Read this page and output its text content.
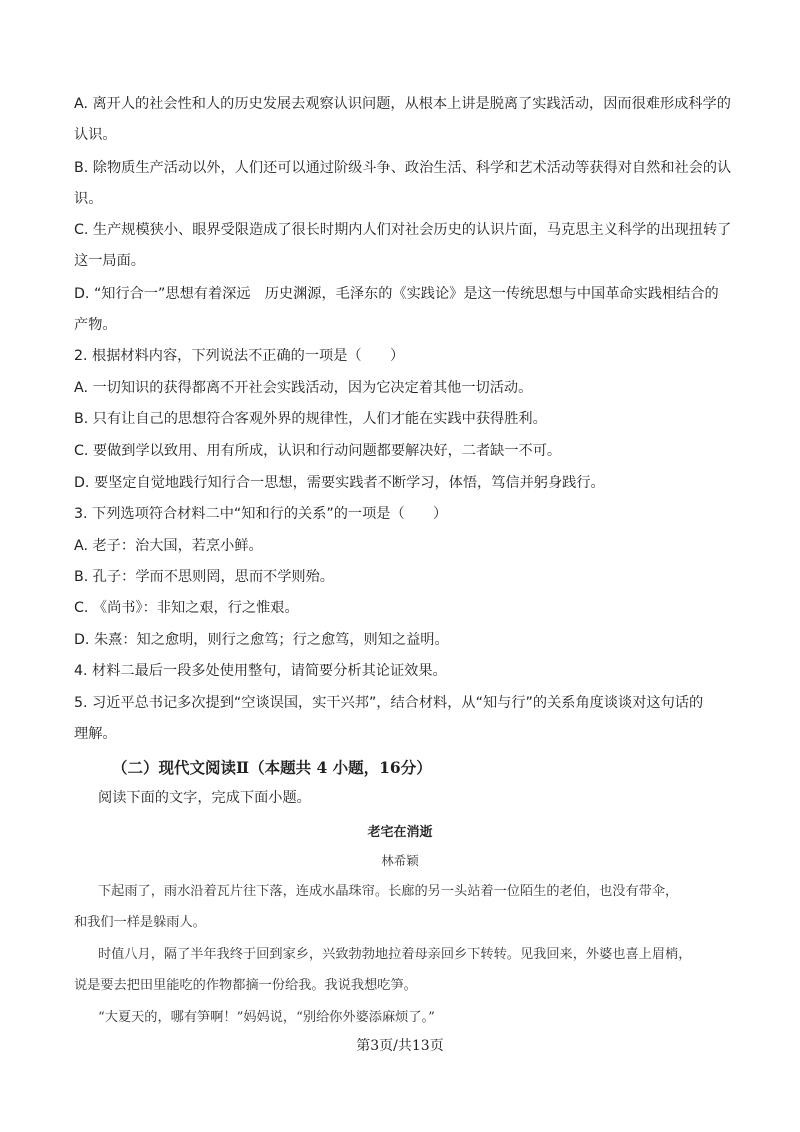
A. 离开人的社会性和人的历史发展去观察认识问题，从根本上讲是脱离了实践活动，因而很难形成科学的
认识。
B. 除物质生产活动以外，人们还可以通过阶级斗争、政治生活、科学和艺术活动等获得对自然和社会的认
识。
C. 生产规模狭小、眼界受限造成了很长时期内人们对社会历史的认识片面，马克思主义科学的出现扭转了
这一局面。
D. “知行合一”思想有着深远　历史渊源，毛泽东的《实践论》是这一传统思想与中国革命实践相结合的
产物。
2. 根据材料内容，下列说法不正确的一项是（　　）
A. 一切知识的获得都离不开社会实践活动，因为它决定着其他一切活动。
B. 只有让自己的思想符合客观外界的规律性，人们才能在实践中获得胜利。
C. 要做到学以致用、用有所成，认识和行动问题都要解决好，二者缺一不可。
D. 要坚定自觉地践行知行合一思想，需要实践者不断学习，体悟，笃信并躬身践行。
3. 下列选项符合材料二中“知和行的关系”的一项是（　　）
A. 老子：治大国，若烹小鲜。
B. 孔子：学而不思则罔，思而不学则殆。
C. 《尚书》：非知之艰，行之惟艰。
D. 朱熹：知之愈明，则行之愈笃；行之愈笃，则知之益明。
4. 材料二最后一段多处使用整句，请简要分析其论证效果。
5. 习近平总书记多次提到“空谈误国，实干兴邦”，结合材料，从“知与行”的关系角度谈谈对这句话的
理解。
（二）现代文阅读Ⅱ（本题共 4 小题，16分）
阅读下面的文字，完成下面小题。
老宅在消逝
林希颖
下起雨了，雨水沿着瓦片往下落，连成水晶珠帘。长廊的另一头站着一位陌生的老伯，也没有带伞，
和我们一样是躲雨人。
时值八月，隔了半年我终于回到家乡，兴致勃勃地拉着母亲回乡下转转。见我回来，外婆也喜上眉梢，
说是要去把田里能吃的作物都摘一份给我。我说我想吃笋。
“大夏天的，哪有笋啊！”妈妈说，“别给你外婆添麻烦了。”
第3页/共13页
